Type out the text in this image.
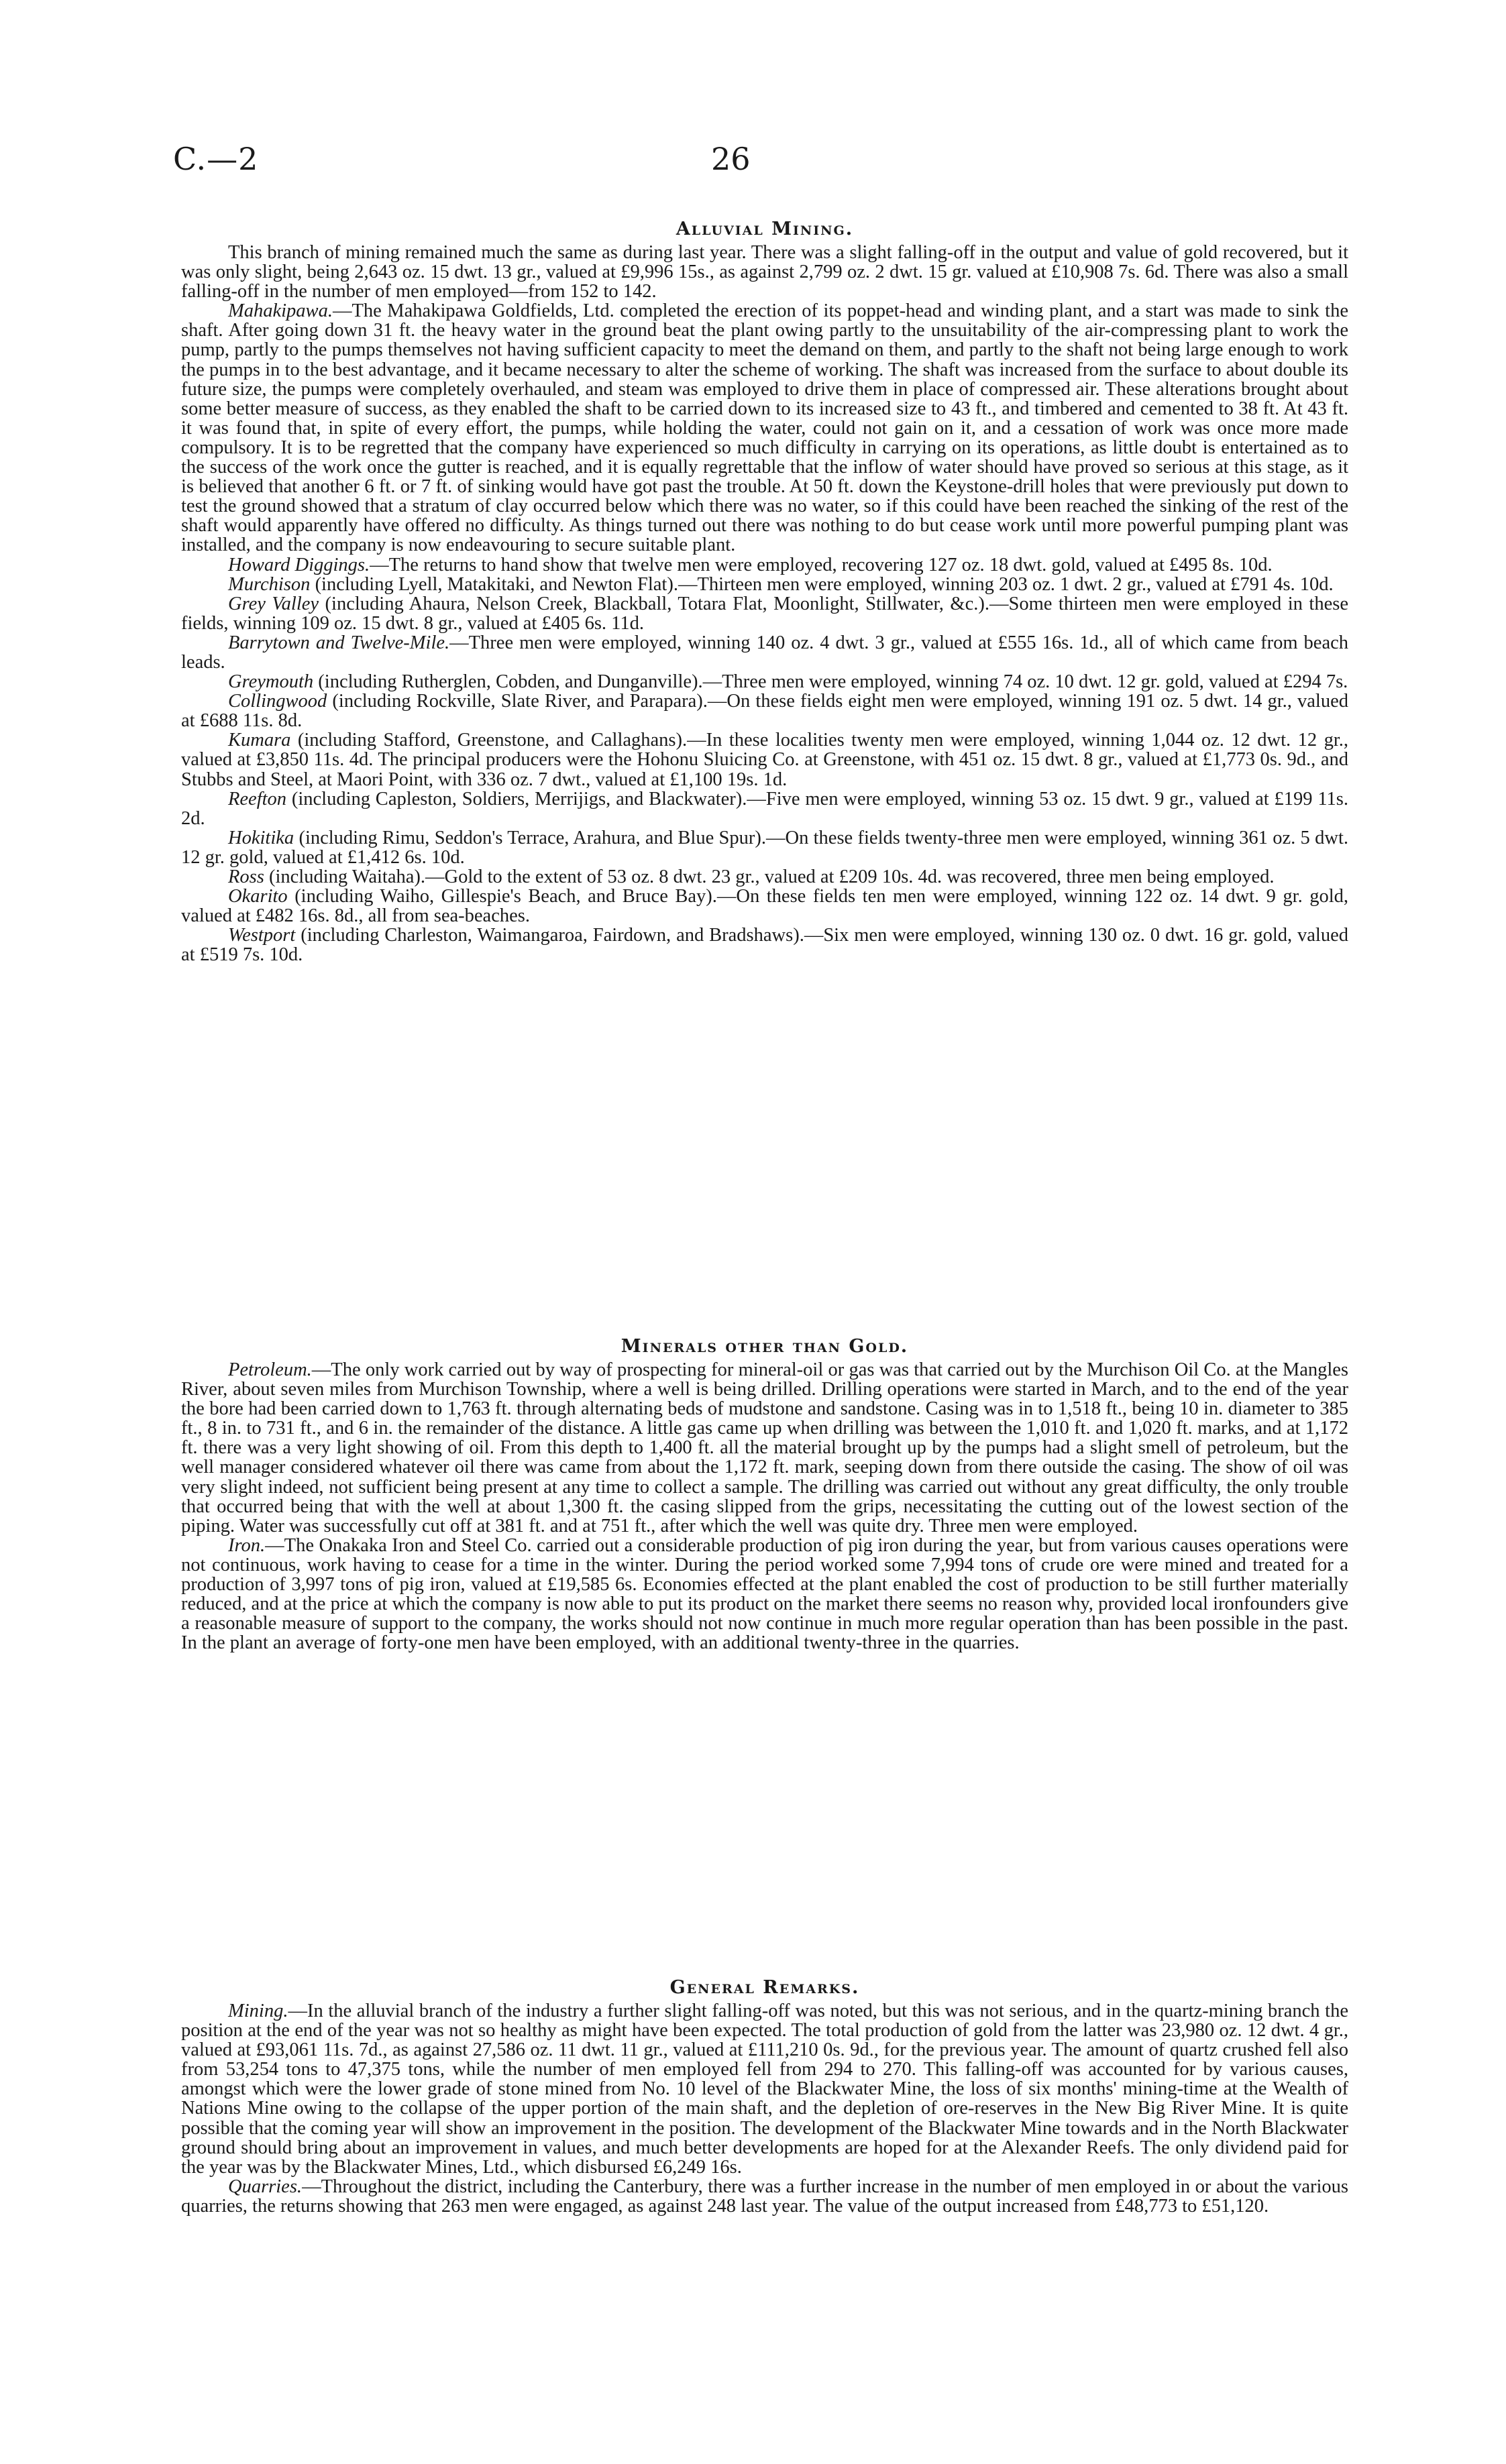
C.—2	26
Alluvial Mining.

This branch of mining remained much the same as during last year. There was a slight falling-off in the output and value of gold recovered, but it was only slight, being 2,643 oz. 15 dwt. 13 gr., valued at £9,996 15s., as against 2,799 oz. 2 dwt. 15 gr. valued at £10,908 7s. 6d. There was also a small falling-off in the number of men employed—from 152 to 142.

Mahakipawa.—The Mahakipawa Goldfields, Ltd. completed the erection of its poppet-head and winding plant, and a start was made to sink the shaft. After going down 31 ft. the heavy water in the ground beat the plant owing partly to the unsuitability of the air-compressing plant to work the pump, partly to the pumps themselves not having sufficient capacity to meet the demand on them, and partly to the shaft not being large enough to work the pumps in to the best advantage, and it became necessary to alter the scheme of working. The shaft was increased from the surface to about double its future size, the pumps were completely overhauled, and steam was employed to drive them in place of compressed air. These alterations brought about some better measure of success, as they enabled the shaft to be carried down to its increased size to 43 ft., and timbered and cemented to 38 ft. At 43 ft. it was found that, in spite of every effort, the pumps, while holding the water, could not gain on it, and a cessation of work was once more made compulsory. It is to be regretted that the company have experienced so much difficulty in carrying on its operations, as little doubt is entertained as to the success of the work once the gutter is reached, and it is equally regrettable that the inflow of water should have proved so serious at this stage, as it is believed that another 6 ft. or 7 ft. of sinking would have got past the trouble. At 50 ft. down the Keystone-drill holes that were previously put down to test the ground showed that a stratum of clay occurred below which there was no water, so if this could have been reached the sinking of the rest of the shaft would apparently have offered no difficulty. As things turned out there was nothing to do but cease work until more powerful pumping plant was installed, and the company is now endeavouring to secure suitable plant.

Howard Diggings.—The returns to hand show that twelve men were employed, recovering 127 oz. 18 dwt. gold, valued at £495 8s. 10d.

Murchison (including Lyell, Matakitaki, and Newton Flat).—Thirteen men were employed, winning 203 oz. 1 dwt. 2 gr., valued at £791 4s. 10d.

Grey Valley (including Ahaura, Nelson Creek, Blackball, Totara Flat, Moonlight, Stillwater, &c.).—Some thirteen men were employed in these fields, winning 109 oz. 15 dwt. 8 gr., valued at £405 6s. 11d.

Barrytown and Twelve-Mile.—Three men were employed, winning 140 oz. 4 dwt. 3 gr., valued at £555 16s. 1d., all of which came from beach leads.

Greymouth (including Rutherglen, Cobden, and Dunganville).—Three men were employed, winning 74 oz. 10 dwt. 12 gr. gold, valued at £294 7s.

Collingwood (including Rockville, Slate River, and Parapara).—On these fields eight men were employed, winning 191 oz. 5 dwt. 14 gr., valued at £688 11s. 8d.

Kumara (including Stafford, Greenstone, and Callaghans).—In these localities twenty men were employed, winning 1,044 oz. 12 dwt. 12 gr., valued at £3,850 11s. 4d. The principal producers were the Hohonu Sluicing Co. at Greenstone, with 451 oz. 15 dwt. 8 gr., valued at £1,773 0s. 9d., and Stubbs and Steel, at Maori Point, with 336 oz. 7 dwt., valued at £1,100 19s. 1d.

Reefton (including Capleston, Soldiers, Merrijigs, and Blackwater).—Five men were employed, winning 53 oz. 15 dwt. 9 gr., valued at £199 11s. 2d.

Hokitika (including Rimu, Seddon's Terrace, Arahura, and Blue Spur).—On these fields twenty-three men were employed, winning 361 oz. 5 dwt. 12 gr. gold, valued at £1,412 6s. 10d.

Ross (including Waitaha).—Gold to the extent of 53 oz. 8 dwt. 23 gr., valued at £209 10s. 4d. was recovered, three men being employed.

Okarito (including Waiho, Gillespie's Beach, and Bruce Bay).—On these fields ten men were employed, winning 122 oz. 14 dwt. 9 gr. gold, valued at £482 16s. 8d., all from sea-beaches.

Westport (including Charleston, Waimangaroa, Fairdown, and Bradshaws).—Six men were employed, winning 130 oz. 0 dwt. 16 gr. gold, valued at £519 7s. 10d.

Minerals other than Gold.

Petroleum.—The only work carried out by way of prospecting for mineral-oil or gas was that carried out by the Murchison Oil Co. at the Mangles River, about seven miles from Murchison Township, where a well is being drilled. Drilling operations were started in March, and to the end of the year the bore had been carried down to 1,763 ft. through alternating beds of mudstone and sandstone. Casing was in to 1,518 ft., being 10 in. diameter to 385 ft., 8 in. to 731 ft., and 6 in. the remainder of the distance. A little gas came up when drilling was between the 1,010 ft. and 1,020 ft. marks, and at 1,172 ft. there was a very light showing of oil. From this depth to 1,400 ft. all the material brought up by the pumps had a slight smell of petroleum, but the well manager considered whatever oil there was came from about the 1,172 ft. mark, seeping down from there outside the casing. The show of oil was very slight indeed, not sufficient being present at any time to collect a sample. The drilling was carried out without any great difficulty, the only trouble that occurred being that with the well at about 1,300 ft. the casing slipped from the grips, necessitating the cutting out of the lowest section of the piping. Water was successfully cut off at 381 ft. and at 751 ft., after which the well was quite dry. Three men were employed.

Iron.—The Onakaka Iron and Steel Co. carried out a considerable production of pig iron during the year, but from various causes operations were not continuous, work having to cease for a time in the winter. During the period worked some 7,994 tons of crude ore were mined and treated for a production of 3,997 tons of pig iron, valued at £19,585 6s. Economies effected at the plant enabled the cost of production to be still further materially reduced, and at the price at which the company is now able to put its product on the market there seems no reason why, provided local ironfounders give a reasonable measure of support to the company, the works should not now continue in much more regular operation than has been possible in the past. In the plant an average of forty-one men have been employed, with an additional twenty-three in the quarries.

General Remarks.

Mining.—In the alluvial branch of the industry a further slight falling-off was noted, but this was not serious, and in the quartz-mining branch the position at the end of the year was not so healthy as might have been expected. The total production of gold from the latter was 23,980 oz. 12 dwt. 4 gr., valued at £93,061 11s. 7d., as against 27,586 oz. 11 dwt. 11 gr., valued at £111,210 0s. 9d., for the previous year. The amount of quartz crushed fell also from 53,254 tons to 47,375 tons, while the number of men employed fell from 294 to 270. This falling-off was accounted for by various causes, amongst which were the lower grade of stone mined from No. 10 level of the Blackwater Mine, the loss of six months' mining-time at the Wealth of Nations Mine owing to the collapse of the upper portion of the main shaft, and the depletion of ore-reserves in the New Big River Mine. It is quite possible that the coming year will show an improvement in the position. The development of the Blackwater Mine towards and in the North Blackwater ground should bring about an improvement in values, and much better developments are hoped for at the Alexander Reefs. The only dividend paid for the year was by the Blackwater Mines, Ltd., which disbursed £6,249 16s.

Quarries.—Throughout the district, including the Canterbury, there was a further increase in the number of men employed in or about the various quarries, the returns showing that 263 men were engaged, as against 248 last year. The value of the output increased from £48,773 to £51,120.
